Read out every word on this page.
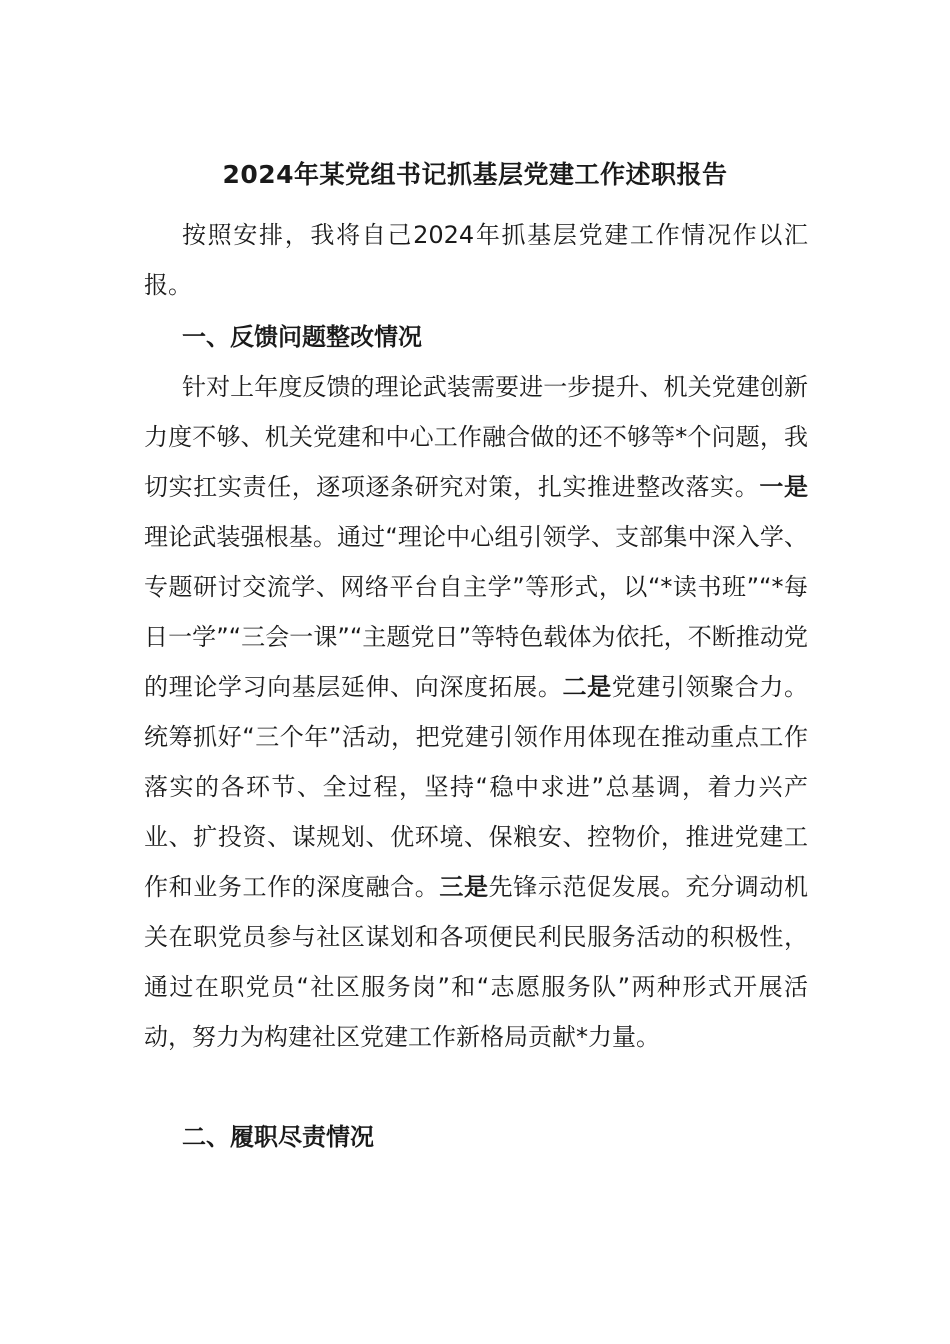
2024年某党组书记抓基层党建工作述职报告
按照安排，我将自己2024年抓基层党建工作情况作以汇报。
一、反馈问题整改情况
针对上年度反馈的理论武装需要进一步提升、机关党建创新力度不够、机关党建和中心工作融合做的还不够等*个问题，我切实扛实责任，逐项逐条研究对策，扎实推进整改落实。一是理论武装强根基。通过“理论中心组引领学、支部集中深入学、专题研讨交流学、网络平台自主学”等形式，以“*读书班”“*每日一学”“三会一课”“主题党日”等特色载体为依托，不断推动党的理论学习向基层延伸、向深度拓展。二是党建引领聚合力。统筹抓好“三个年”活动，把党建引领作用体现在推动重点工作落实的各环节、全过程，坚持“稳中求进”总基调，着力兴产业、扩投资、谋规划、优环境、保粮安、控物价，推进党建工作和业务工作的深度融合。三是先锋示范促发展。充分调动机关在职党员参与社区谋划和各项便民利民服务活动的积极性，通过在职党员“社区服务岗”和“志愿服务队”两种形式开展活动，努力为构建社区党建工作新格局贡献*力量。
二、履职尽责情况
